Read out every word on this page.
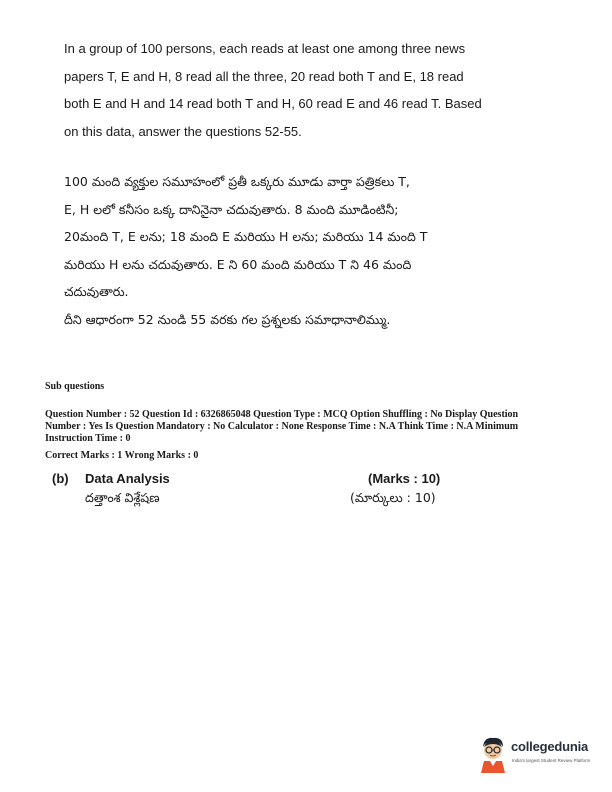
In a group of 100 persons, each reads at least one among three news
papers T, E and H, 8 read all the three, 20 read both T and E, 18 read
both E and H and 14 read both T and H, 60 read E and 46 read T. Based
on this data, answer the questions 52-55.

100 మంది వ్యక్తుల సమూహంలో ప్రతీ ఒక్కరు మూడు వార్తా పత్రికలు T,

E, H లలో కనీసం ఒక్క దానినైనా చదువుతారు. 8 మంది మూడింటినీ;

20మంది T, E లను; 18 మంది E మరియు H లను; మరియు 14 మంది T

మరియు H లను చదువుతారు. E ని 60 మంది మరియు T ని 46 మంది

చదువుతారు.

దీని ఆధారంగా 52 నుండి 55 వరకు గల ప్రశ్నలకు సమాధానాలిమ్ము.

Sub questions
Question Number : 52 Question Id : 6326865048 Question Type : MCQ Option Shuffling : No Display Question
Number : Yes Is Question Mandatory : No Calculator : None Response Time : N.A Think Time : N.A Minimum
Instruction Time : 0
Correct Marks : 1 Wrong Marks : 0
(b) Data Analysis
దత్తాంశ విశ్లేషణ
(Marks : 10)
(మార్కులు : 10)
collegedunia
India's largest Student Review Platform
